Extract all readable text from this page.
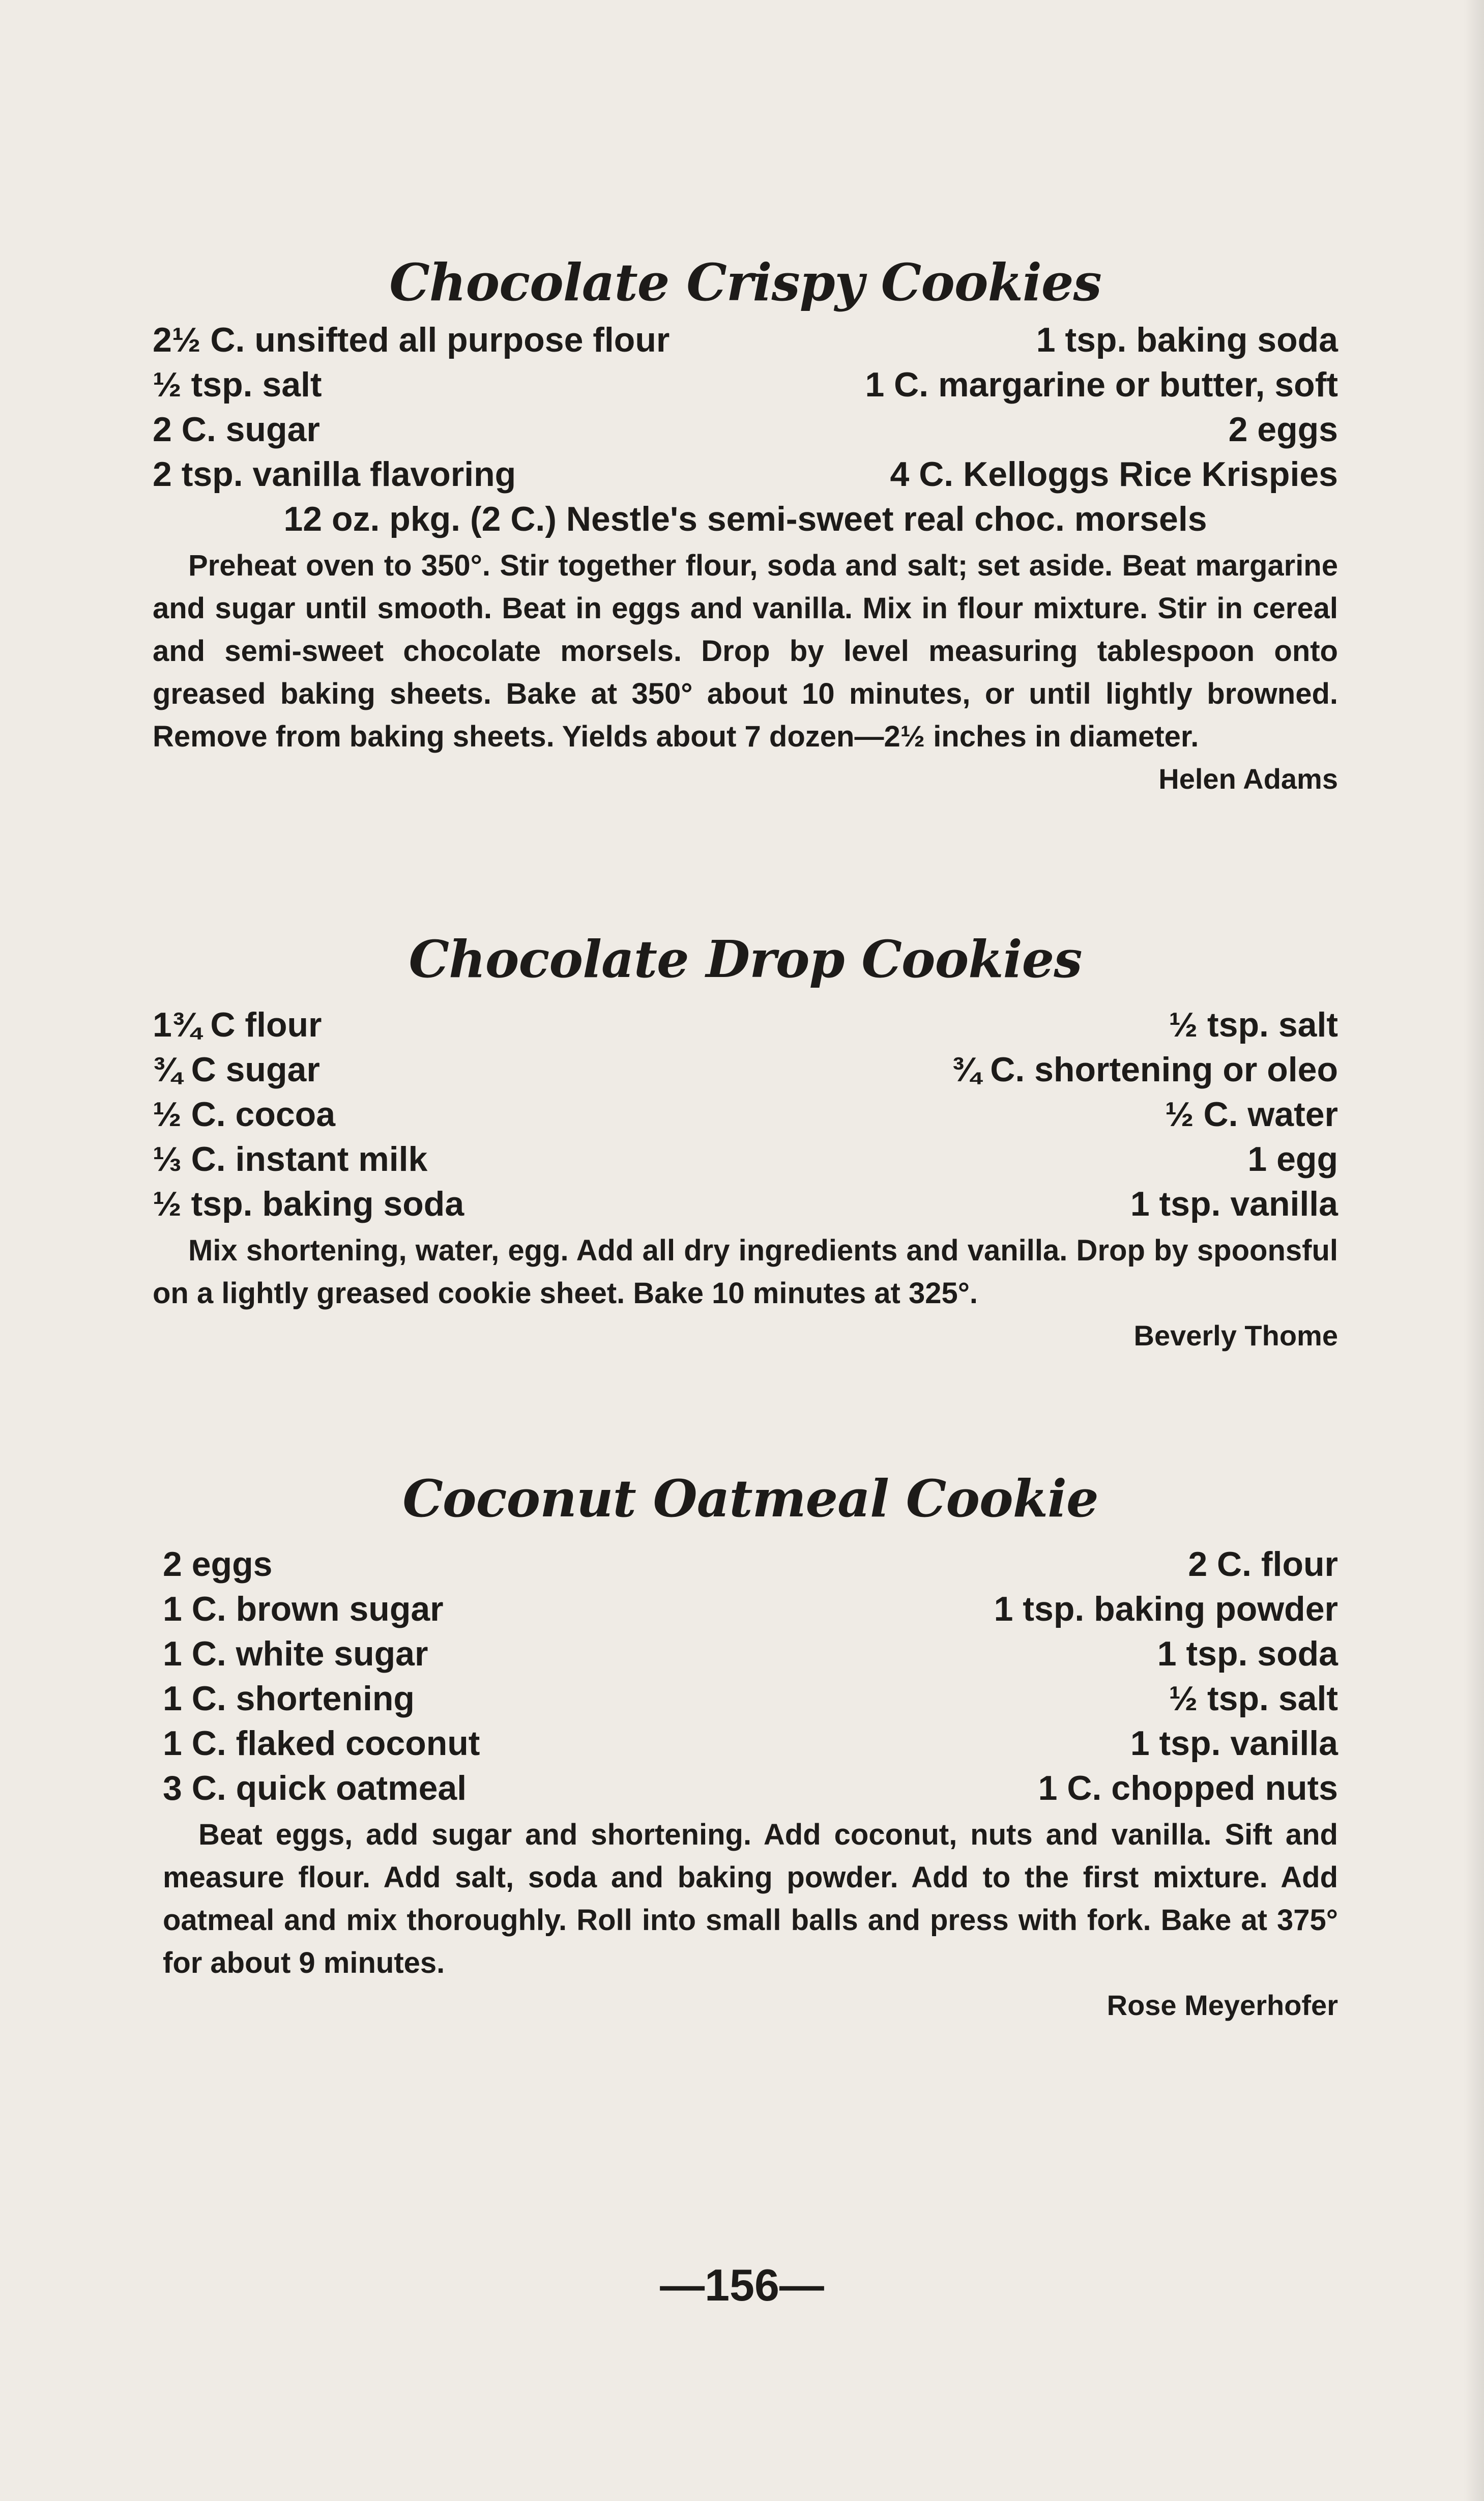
Chocolate Crispy Cookies
2½ C. unsifted all purpose flour	1 tsp. baking soda
½ tsp. salt	1 C. margarine or butter, soft
2 C. sugar	2 eggs
2 tsp. vanilla flavoring	4 C. Kelloggs Rice Krispies
12 oz. pkg. (2 C.) Nestle's semi-sweet real choc. morsels

Preheat oven to 350°. Stir together flour, soda and salt; set aside. Beat margarine and sugar until smooth. Beat in eggs and vanilla. Mix in flour mixture. Stir in cereal and semi-sweet chocolate morsels. Drop by level measuring tablespoon onto greased baking sheets. Bake at 350° about 10 minutes, or until lightly browned. Remove from baking sheets. Yields about 7 dozen—2½ inches in diameter.

Helen Adams
Chocolate Drop Cookies
1¾ C flour	½ tsp. salt
¾ C sugar	¾ C. shortening or oleo
½ C. cocoa	½ C. water
⅓ C. instant milk	1 egg
½ tsp. baking soda	1 tsp. vanilla

Mix shortening, water, egg. Add all dry ingredients and vanilla. Drop by spoonsful on a lightly greased cookie sheet. Bake 10 minutes at 325°.

Beverly Thome
Coconut Oatmeal Cookie
2 eggs	2 C. flour
1 C. brown sugar	1 tsp. baking powder
1 C. white sugar	1 tsp. soda
1 C. shortening	½ tsp. salt
1 C. flaked coconut	1 tsp. vanilla
3 C. quick oatmeal	1 C. chopped nuts

Beat eggs, add sugar and shortening. Add coconut, nuts and vanilla. Sift and measure flour. Add salt, soda and baking powder. Add to the first mixture. Add oatmeal and mix thoroughly. Roll into small balls and press with fork. Bake at 375° for about 9 minutes.

Rose Meyerhofer
—156—
